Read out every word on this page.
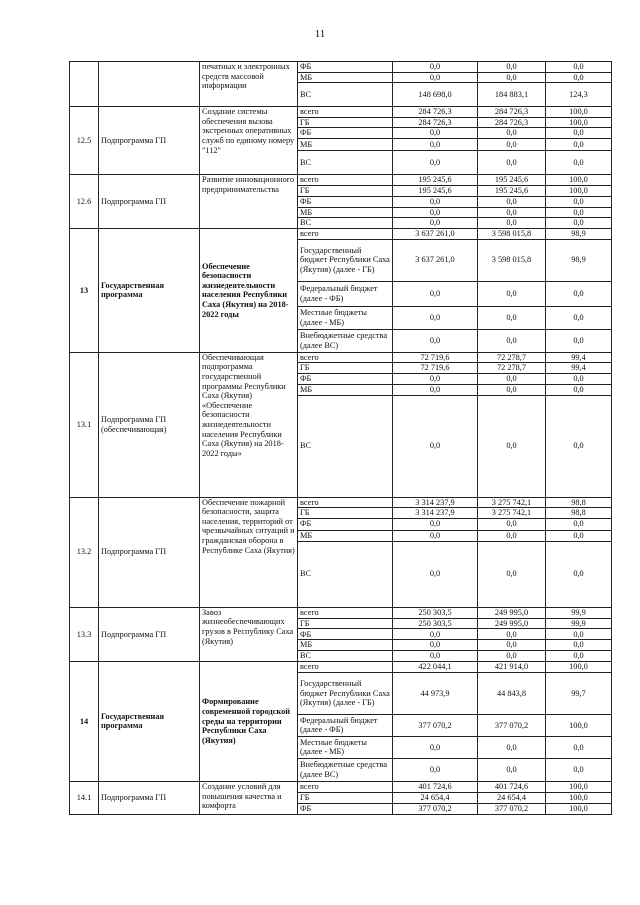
11
		печатных и электронных средств массовой информации	ФБ	0,0	0,0	0,0
			МБ	0,0	0,0	0,0
			ВС	148 698,0	184 883,1	124,3
12.5	Подпрограмма ГП	Создание системы обеспечения вызова экстренных оперативных служб по единому номеру "112"	всего	284 726,3	284 726,3	100,0
			ГБ	284 726,3	284 726,3	100,0
			ФБ	0,0	0,0	0,0
			МБ	0,0	0,0	0,0
			ВС	0,0	0,0	0,0
12.6	Подпрограмма ГП	Развитие инновационного предпринимательства	всего	195 245,6	195 245,6	100,0
			ГБ	195 245,6	195 245,6	100,0
			ФБ	0,0	0,0	0,0
			МБ	0,0	0,0	0,0
			ВС	0,0	0,0	0,0
13	Государственная программа	Обеспечение безопасности жизнедеятельности населения Республики Саха (Якутия) на 2018-2022 годы	всего	3 637 261,0	3 598 015,8	98,9
			Государственный бюджет Республики Саха (Якутия) (далее - ГБ)	3 637 261,0	3 598 015,8	98,9
			Федеральный бюджет (далее - ФБ)	0,0	0,0	0,0
			Местные бюджеты (далее - МБ)	0,0	0,0	0,0
			Внебюджетные средства (далее ВС)	0,0	0,0	0,0
13.1	Подпрограмма ГП (обеспечивающая)	Обеспечивающая подпрограмма государственной программы Республики Саха (Якутия) «Обеспечение безопасности жизнедеятельности населения Республики Саха (Якутия) на 2018-2022 годы»	всего	72 719,6	72 278,7	99,4
			ГБ	72 719,6	72 278,7	99,4
			ФБ	0,0	0,0	0,0
			МБ	0,0	0,0	0,0
			ВС	0,0	0,0	0,0
13.2	Подпрограмма ГП	Обеспечение пожарной безопасности, защита населения, территорий от чрезвычайных ситуаций и гражданская оборона в Республике Саха (Якутия)	всего	3 314 237,9	3 275 742,1	98,8
			ГБ	3 314 237,9	3 275 742,1	98,8
			ФБ	0,0	0,0	0,0
			МБ	0,0	0,0	0,0
			ВС	0,0	0,0	0,0
13.3	Подпрограмма ГП	Завоз жизнеобеспечивающих грузов в Республику Саха (Якутия)	всего	250 303,5	249 995,0	99,9
			ГБ	250 303,5	249 995,0	99,9
			ФБ	0,0	0,0	0,0
			МБ	0,0	0,0	0,0
			ВС	0,0	0,0	0,0
14	Государственная программа	Формирование современной городской среды на территории Республики Саха (Якутия)	всего	422 044,1	421 914,0	100,0
			Государственный бюджет Республики Саха (Якутия) (далее - ГБ)	44 973,9	44 843,8	99,7
			Федеральный бюджет (далее - ФБ)	377 070,2	377 070,2	100,0
			Местные бюджеты (далее - МБ)	0,0	0,0	0,0
			Внебюджетные средства (далее ВС)	0,0	0,0	0,0
14.1	Подпрограмма ГП	Создание условий для повышения качества и комфорта	всего	401 724,6	401 724,6	100,0
			ГБ	24 654,4	24 654,4	100,0
			ФБ	377 070,2	377 070,2	100,0
